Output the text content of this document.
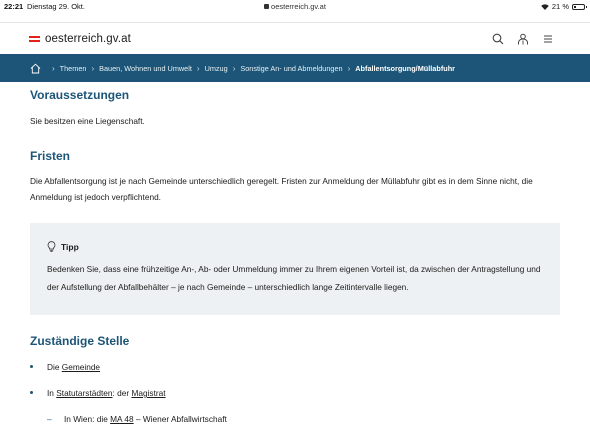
22:21 Dienstag 29. Okt.	oesterreich.gv.at	21 %
oesterreich.gv.at
› Themen › Bauen, Wohnen und Umwelt › Umzug › Sonstige An- und Abmeldungen › Abfallentsorgung/Müllabfuhr
Voraussetzungen

Sie besitzen eine Liegenschaft.

Fristen

Die Abfallentsorgung ist je nach Gemeinde unterschiedlich geregelt. Fristen zur Anmeldung der Müllabfuhr gibt es in dem Sinne nicht, die Anmeldung ist jedoch verpflichtend.

Tipp

Bedenken Sie, dass eine frühzeitige An-, Ab- oder Ummeldung immer zu Ihrem eigenen Vorteil ist, da zwischen der Antragstellung und der Aufstellung der Abfallbehälter – je nach Gemeinde – unterschiedlich lange Zeitintervalle liegen.

Zuständige Stelle
Die Gemeinde
In Statutarstädten: der Magistrat
– In Wien: die MA 48 – Wiener Abfallwirtschaft
